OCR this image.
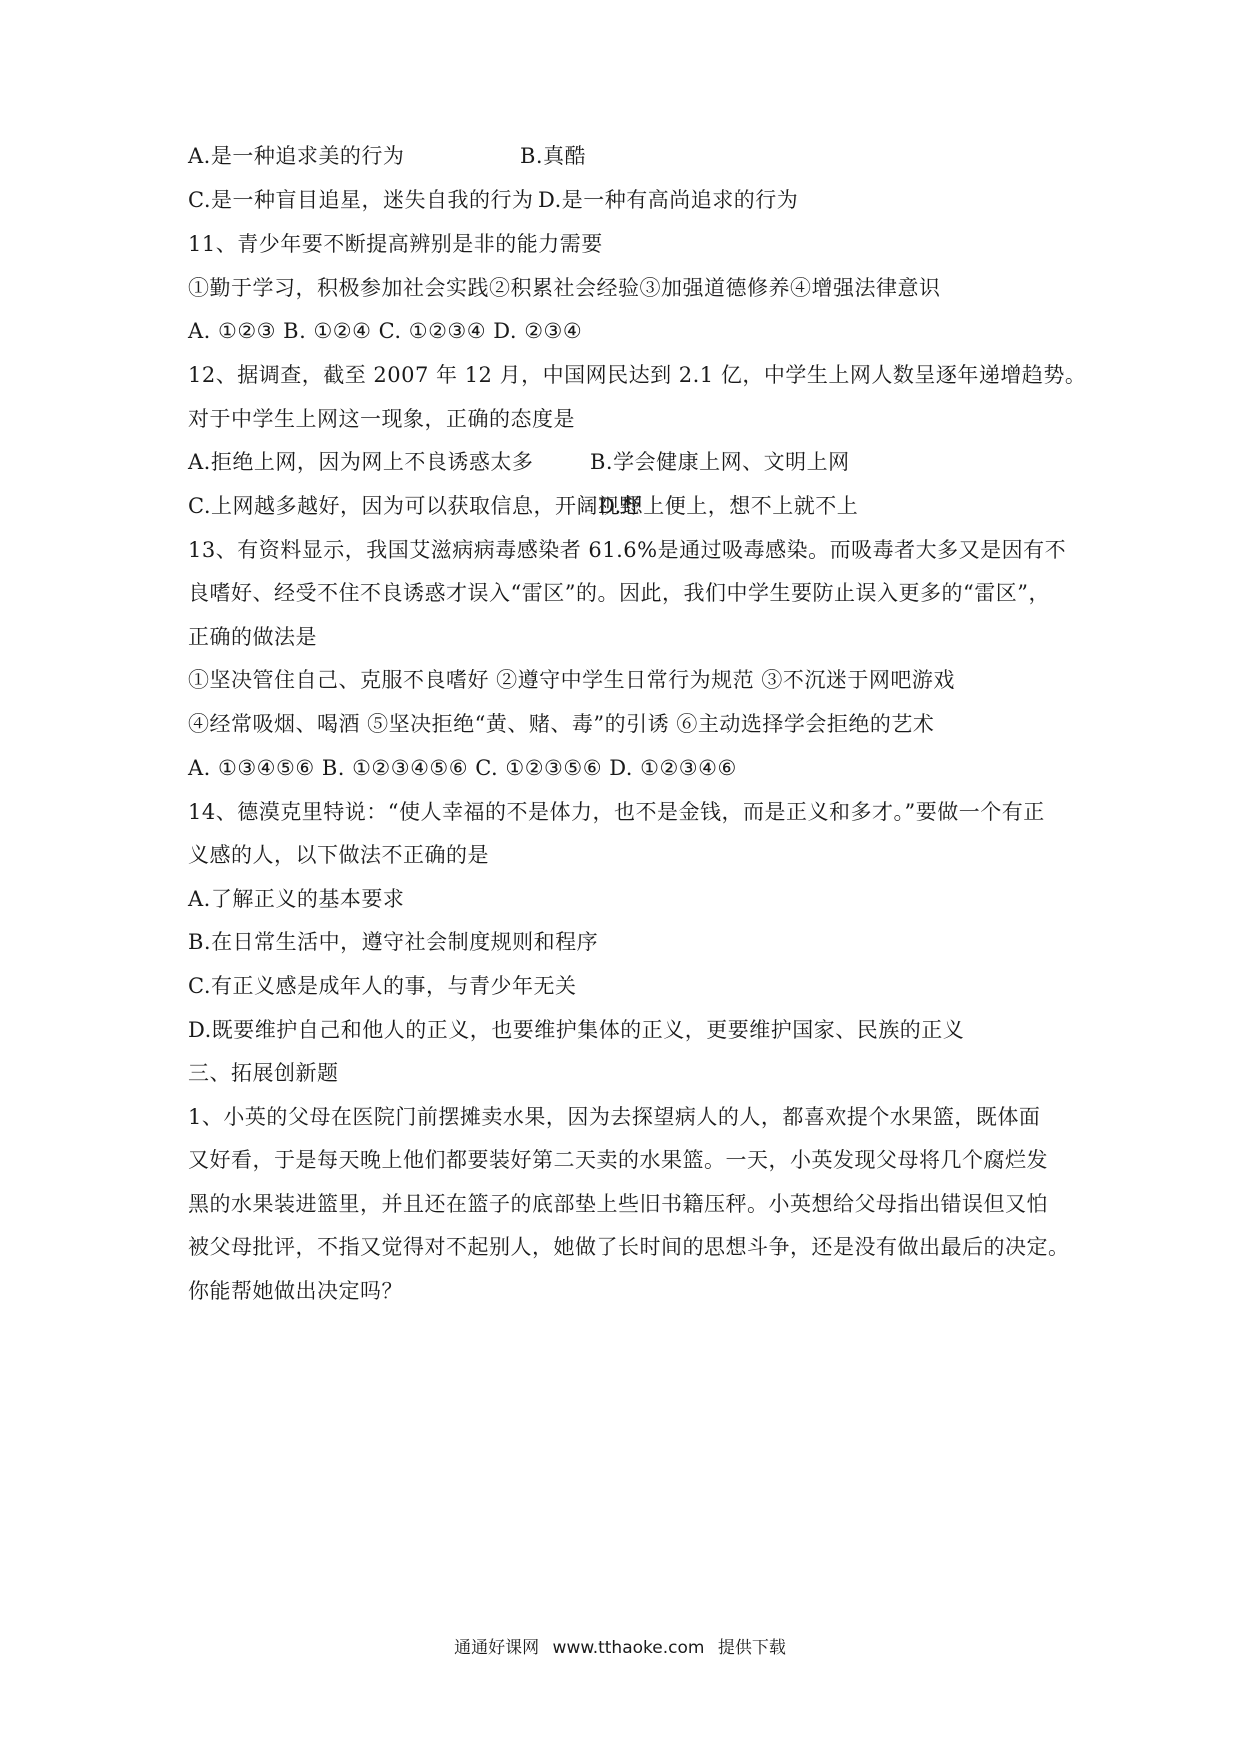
A.是一种追求美的行为	B.真酷
C.是一种盲目追星，迷失自我的行为 D.是一种有高尚追求的行为
11、青少年要不断提高辨别是非的能力需要
①勤于学习，积极参加社会实践②积累社会经验③加强道德修养④增强法律意识
A. ①②③ B. ①②④ C. ①②③④ D. ②③④
12、据调查，截至 2007 年 12 月，中国网民达到 2.1 亿，中学生上网人数呈逐年递增趋势。
对于中学生上网这一现象，正确的态度是
A.拒绝上网，因为网上不良诱惑太多	B.学会健康上网、文明上网
C.上网越多越好，因为可以获取信息，开阔视野
D.想上便上，想不上就不上
13、有资料显示，我国艾滋病病毒感染者 61.6%是通过吸毒感染。而吸毒者大多又是因有不
良嗜好、经受不住不良诱惑才误入“雷区”的。因此，我们中学生要防止误入更多的“雷区”，
正确的做法是
①坚决管住自己、克服不良嗜好 ②遵守中学生日常行为规范 ③不沉迷于网吧游戏
④经常吸烟、喝酒 ⑤坚决拒绝“黄、赌、毒”的引诱 ⑥主动选择学会拒绝的艺术
A. ①③④⑤⑥ B. ①②③④⑤⑥ C. ①②③⑤⑥ D. ①②③④⑥
14、德漠克里特说：“使人幸福的不是体力，也不是金钱，而是正义和多才。”要做一个有正
义感的人，以下做法不正确的是
A.了解正义的基本要求
B.在日常生活中，遵守社会制度规则和程序
C.有正义感是成年人的事，与青少年无关
D.既要维护自己和他人的正义，也要维护集体的正义，更要维护国家、民族的正义
三、拓展创新题
1、小英的父母在医院门前摆摊卖水果，因为去探望病人的人，都喜欢提个水果篮，既体面
又好看，于是每天晚上他们都要装好第二天卖的水果篮。一天，小英发现父母将几个腐烂发
黑的水果装进篮里，并且还在篮子的底部垫上些旧书籍压秤。小英想给父母指出错误但又怕
被父母批评，不指又觉得对不起别人，她做了长时间的思想斗争，还是没有做出最后的决定。
你能帮她做出决定吗？
通通好课网 www.tthaoke.com 提供下载
